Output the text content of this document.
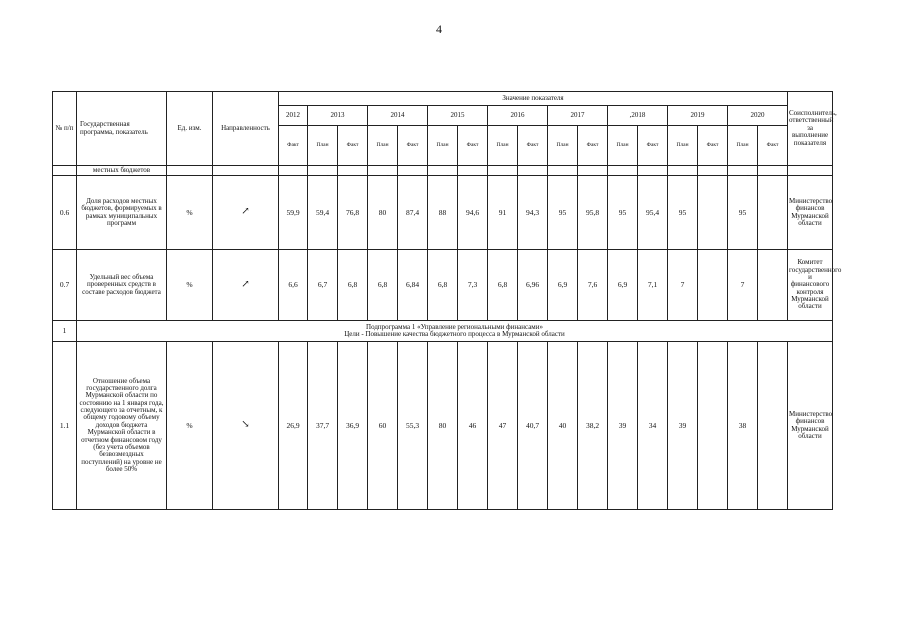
4
№ п/п	Государственная программа, показатель	Ед. изм.	Направленность	Значение показателя																	Соисполнитель, ответственный за выполнение показателя
				2012	2013		2014		2015		2016		2017		,2018		2019		2020		
				Факт	План	Факт	План	Факт	План	Факт	План	Факт	План	Факт	План	Факт	План	Факт	План	Факт	
	местных бюджетов																				
0.6	Доля расходов местных бюджетов, формируемых в рамках муниципальных программ	%	↗	59,9	59,4	76,8	80	87,4	88	94,6	91	94,3	95	95,8	95	95,4	95		95		Министерство финансов Мурманской области
0.7	Удельный вес объема проверенных средств в составе расходов бюджета	%	↗	6,6	6,7	6,8	6,8	6,84	6,8	7,3	6,8	6,96	6,9	7,6	6,9	7,1	7		7		Комитет государственного и финансового контроля Мурманской области
1	Подпрограмма 1 «Управление региональными финансами»
Цели - Повышение качества бюджетного процесса в Мурманской области																				

1.1	Отношение объема государственного долга Мурманской области по состоянию на 1 января года, следующего за отчетным, к общему годовому объему доходов бюджета Мурманской области в отчетном финансовом году (без учета объемов безвозмездных поступлений) на уровне не более 50%	%	↘	26,9	37,7	36,9	60	55,3	80	46	47	40,7	40	38,2	39	34	39		38		Министерство финансов Мурманской области
